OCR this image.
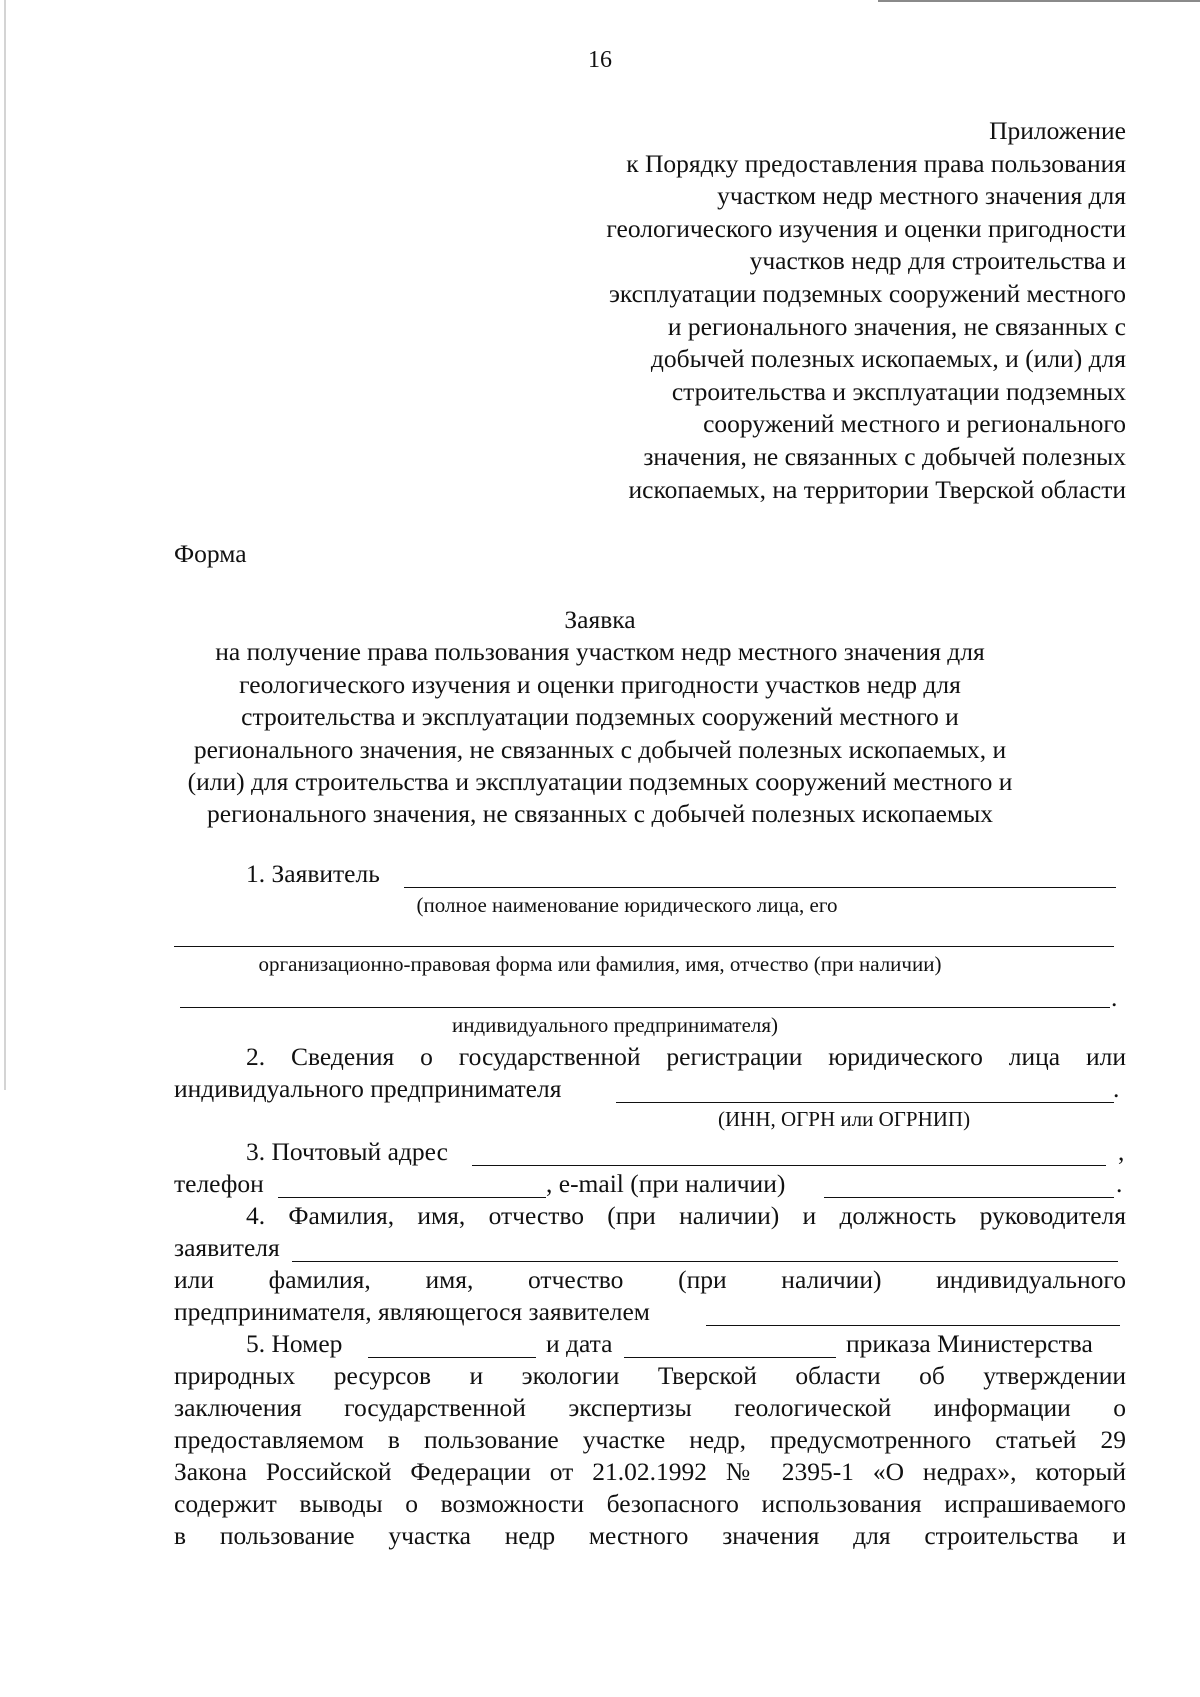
16
Приложение
к Порядку предоставления права пользования
участком недр местного значения для
геологического изучения и оценки пригодности
участков недр для строительства и
эксплуатации подземных сооружений местного
и регионального значения, не связанных с
добычей полезных ископаемых, и (или) для
строительства и эксплуатации подземных
сооружений местного и регионального
значения, не связанных с добычей полезных
ископаемых, на территории Тверской области
Форма
Заявка
на получение права пользования участком недр местного значения для
геологического изучения и оценки пригодности участков недр для
строительства и эксплуатации подземных сооружений местного и
регионального значения, не связанных с добычей полезных ископаемых, и
(или) для строительства и эксплуатации подземных сооружений местного и
регионального значения, не связанных с добычей полезных ископаемых
1. Заявитель
(полное наименование юридического лица, его
организационно-правовая форма или фамилия, имя, отчество (при наличии)
.
индивидуального предпринимателя)
2. Сведения о государственной регистрации юридического лица или
индивидуального предпринимателя	.
(ИНН, ОГРН или ОГРНИП)
3. Почтовый адрес	,
телефон	, e-mail (при наличии)	.
4. Фамилия, имя, отчество (при наличии) и должность руководителя
заявителя
или фамилия, имя, отчество (при наличии) индивидуального
предпринимателя, являющегося заявителем
5. Номер	и дата	приказа Министерства
природных ресурсов и экологии Тверской области об утверждении
заключения государственной экспертизы геологической информации о
предоставляемом в пользование участке недр, предусмотренного статьей 29
Закона Российской Федерации от 21.02.1992 № 2395-1 «О недрах», который
содержит выводы о возможности безопасного использования испрашиваемого
в пользование участка недр местного значения для строительства и
